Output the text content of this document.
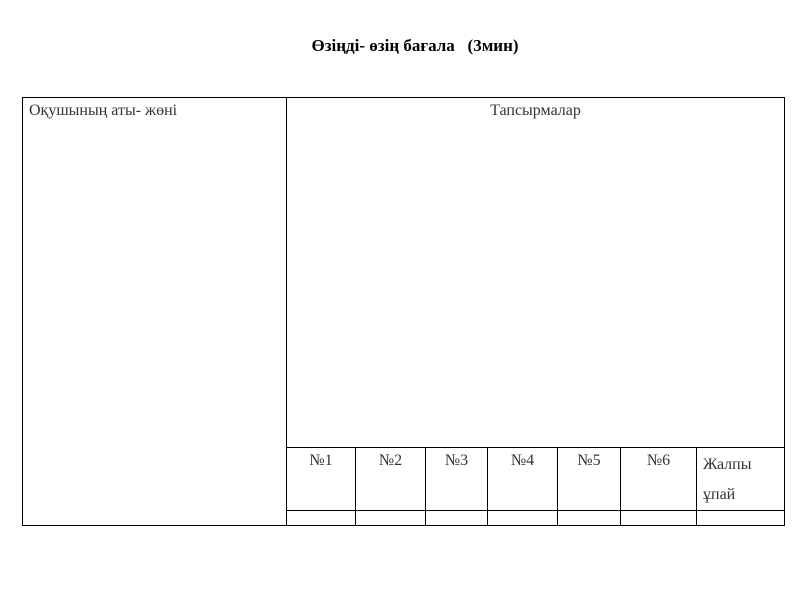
Өзіңді- өзің бағала   (3мин)
Оқушының аты- жөні	Тапсырмалар						
	№1	№2	№3	№4	№5	№6	Жалпы ұпай
